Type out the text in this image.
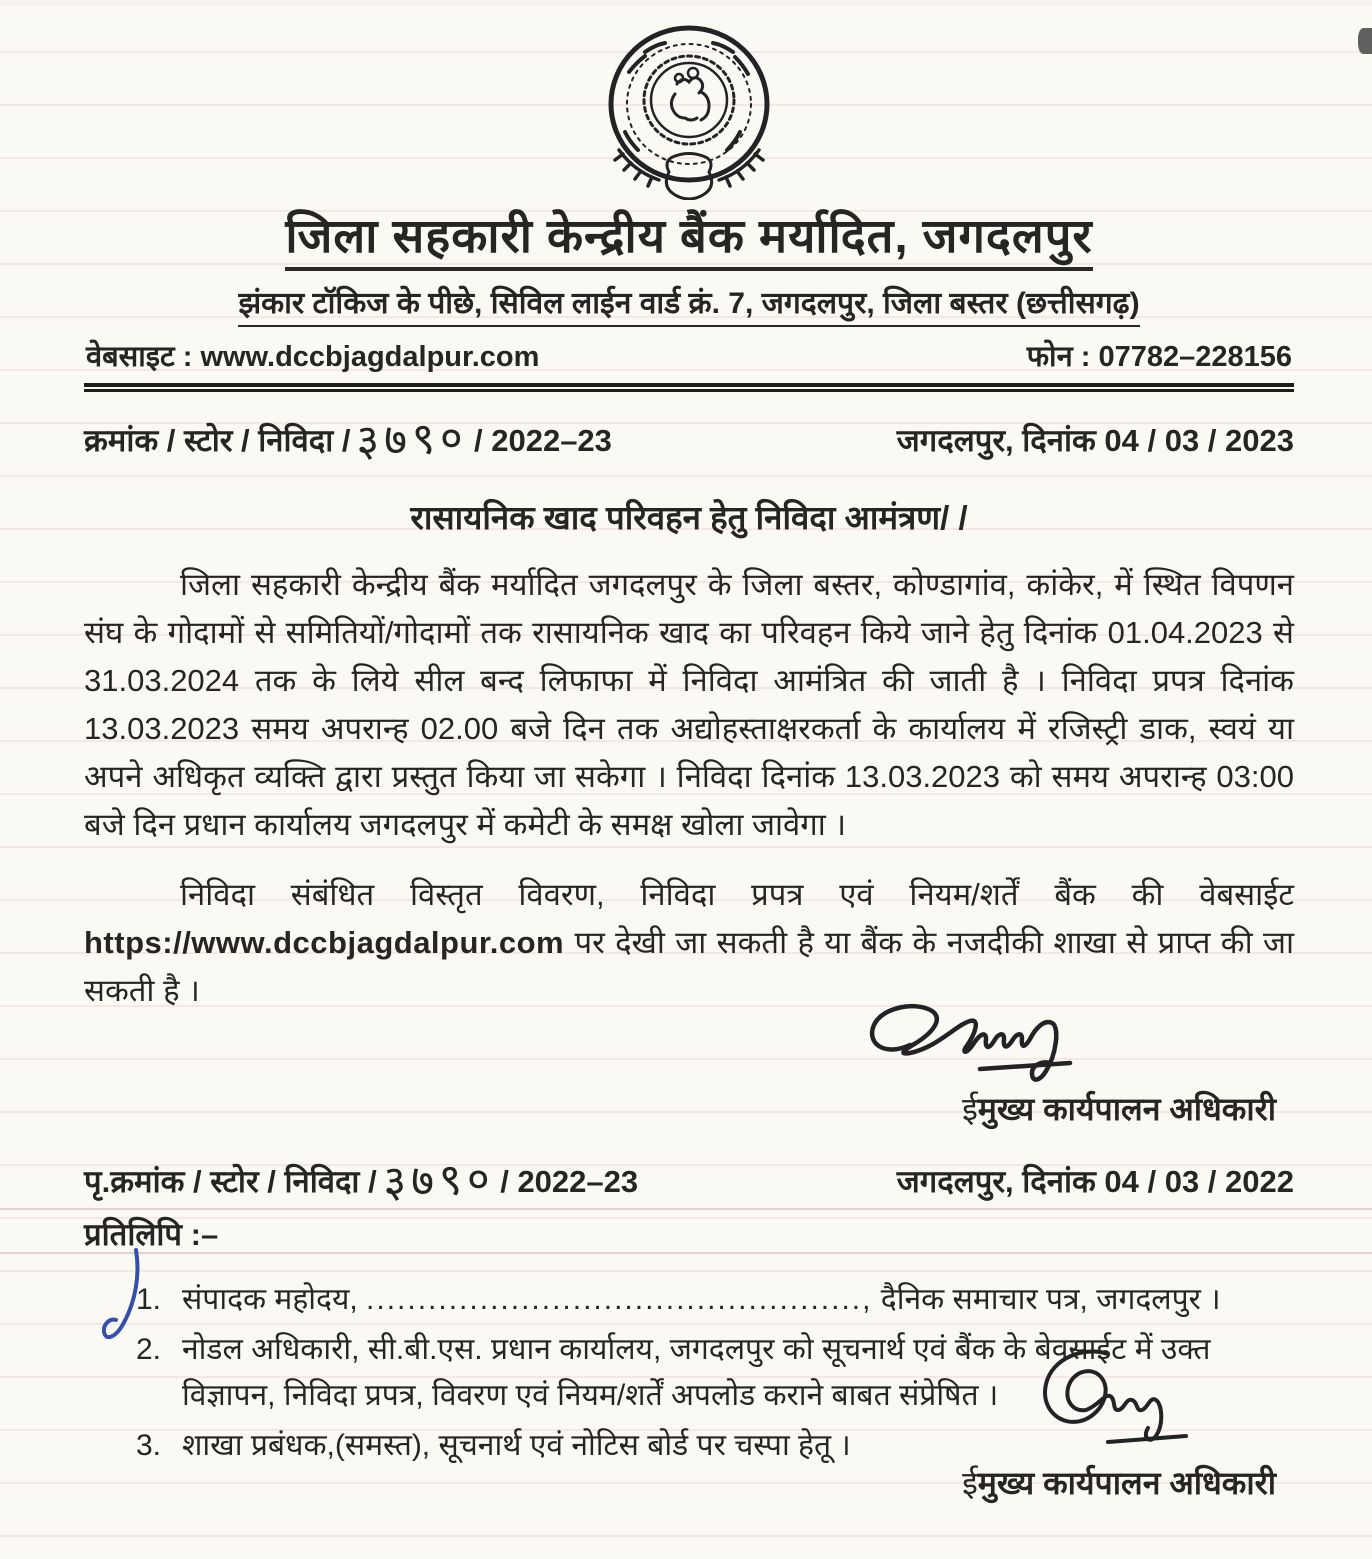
जिला सहकारी केन्द्रीय बैंक मर्यादित, जगदलपुर
झंकार टॉकिज के पीछे, सिविल लाईन वार्ड क्रं. 7, जगदलपुर, जिला बस्तर (छत्तीसगढ़)
वेबसाइट : www.dccbjagdalpur.com	फोन : 07782–228156
क्रमांक / स्टोर / निविदा / ३७९० / 2022–23	जगदलपुर, दिनांक 04 / 03 / 2023
रासायनिक खाद परिवहन हेतु निविदा आमंत्रण/ /

जिला सहकारी केन्द्रीय बैंक मर्यादित जगदलपुर के जिला बस्तर, कोण्डागांव, कांकेर, में स्थित विपणन संघ के गोदामों से समितियों/गोदामों तक रासायनिक खाद का परिवहन किये जाने हेतु दिनांक 01.04.2023 से 31.03.2024 तक के लिये सील बन्द लिफाफा में निविदा आमंत्रित की जाती है । निविदा प्रपत्र दिनांक 13.03.2023 समय अपरान्ह 02.00 बजे दिन तक अद्योहस्ताक्षरकर्ता के कार्यालय में रजिस्ट्री डाक, स्वयं या अपने अधिकृत व्यक्ति द्वारा प्रस्तुत किया जा सकेगा । निविदा दिनांक 13.03.2023 को समय अपरान्ह 03:00 बजे दिन प्रधान कार्यालय जगदलपुर में कमेटी के समक्ष खोला जावेगा ।

निविदा संबंधित विस्तृत विवरण, निविदा प्रपत्र एवं नियम/शर्तें बैंक की वेबसाईट https://www.dccbjagdalpur.com पर देखी जा सकती है या बैंक के नजदीकी शाखा से प्राप्त की जा सकती है ।

ईमुख्य कार्यपालन अधिकारी
पृ.क्रमांक / स्टोर / निविदा / ३७९० / 2022–23	जगदलपुर, दिनांक 04 / 03 / 2022
प्रतिलिपि :–
1. संपादक महोदय, ................................................, दैनिक समाचार पत्र, जगदलपुर ।
2. नोडल अधिकारी, सी.बी.एस. प्रधान कार्यालय, जगदलपुर को सूचनार्थ एवं बैंक के बेवसाईट में उक्त विज्ञापन, निविदा प्रपत्र, विवरण एवं नियम/शर्तें अपलोड कराने बाबत संप्रेषित ।
3. शाखा प्रबंधक,(समस्त), सूचनार्थ एवं नोटिस बोर्ड पर चस्पा हेतू ।
ईमुख्य कार्यपालन अधिकारी
